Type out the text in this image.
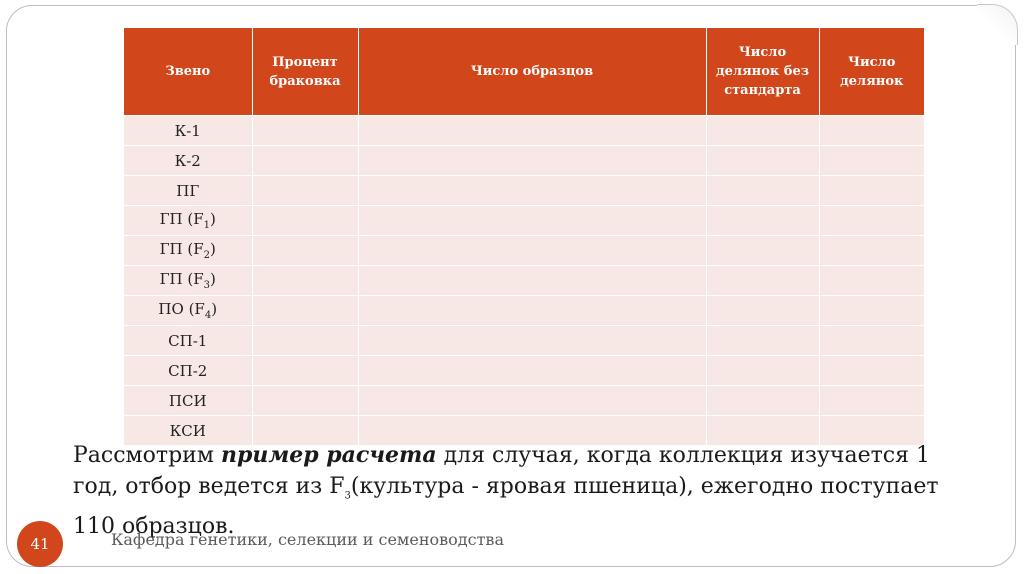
Звено	Процент браковка	Число образцов	Число делянок без стандарта	Число делянок
К-1				
К-2				
ПГ				
ГП $(F_1)$				
ГП $(F_2)$				
ГП $(F_3)$				
ПО $(F_4)$				
СП-1				
СП-2				
ПСИ				
КСИ				
Рассмотрим пример расчета для случая, когда коллекция изучается 1 год, отбор ведется из $F_3(культура$ - яровая пшеница), ежегодно поступает 110 образцов.
41	Кафедра генетики, селекции и семеноводства
